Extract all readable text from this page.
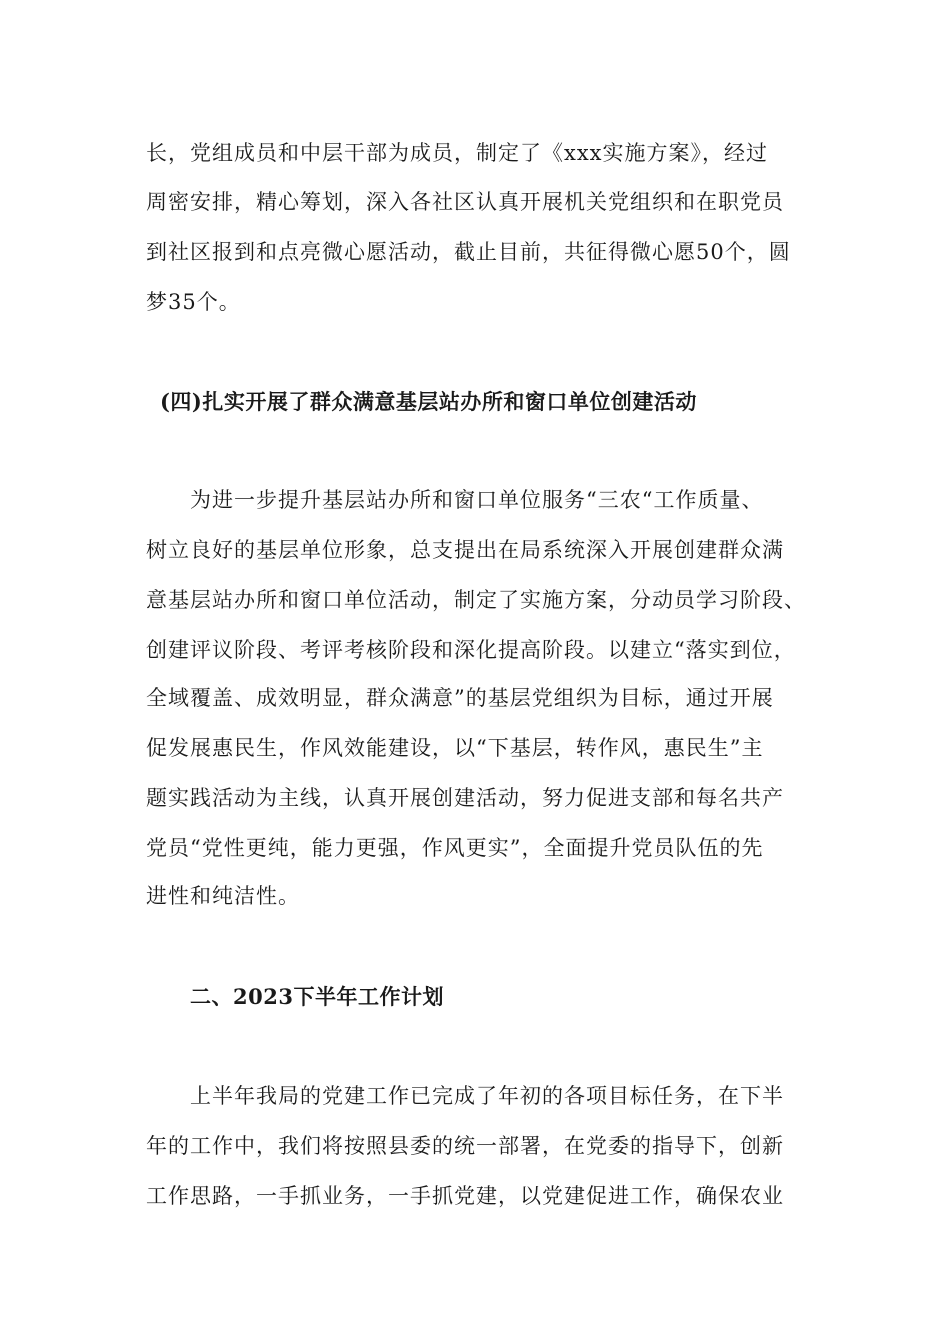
长，党组成员和中层干部为成员，制定了《xxx实施方案》，经过
周密安排，精心筹划，深入各社区认真开展机关党组织和在职党员
到社区报到和点亮微心愿活动，截止目前，共征得微心愿50个，圆
梦35个。
(四)扎实开展了群众满意基层站办所和窗口单位创建活动
为进一步提升基层站办所和窗口单位服务“三农“工作质量、
树立良好的基层单位形象，总支提出在局系统深入开展创建群众满
意基层站办所和窗口单位活动，制定了实施方案，分动员学习阶段、
创建评议阶段、考评考核阶段和深化提高阶段。以建立“落实到位，
全域覆盖、成效明显，群众满意”的基层党组织为目标，通过开展
促发展惠民生，作风效能建设，以“下基层，转作风，惠民生”主
题实践活动为主线，认真开展创建活动，努力促进支部和每名共产
党员“党性更纯，能力更强，作风更实”，全面提升党员队伍的先
进性和纯洁性。
二、2023下半年工作计划
上半年我局的党建工作已完成了年初的各项目标任务，在下半
年的工作中，我们将按照县委的统一部署，在党委的指导下，创新
工作思路，一手抓业务，一手抓党建，以党建促进工作，确保农业
